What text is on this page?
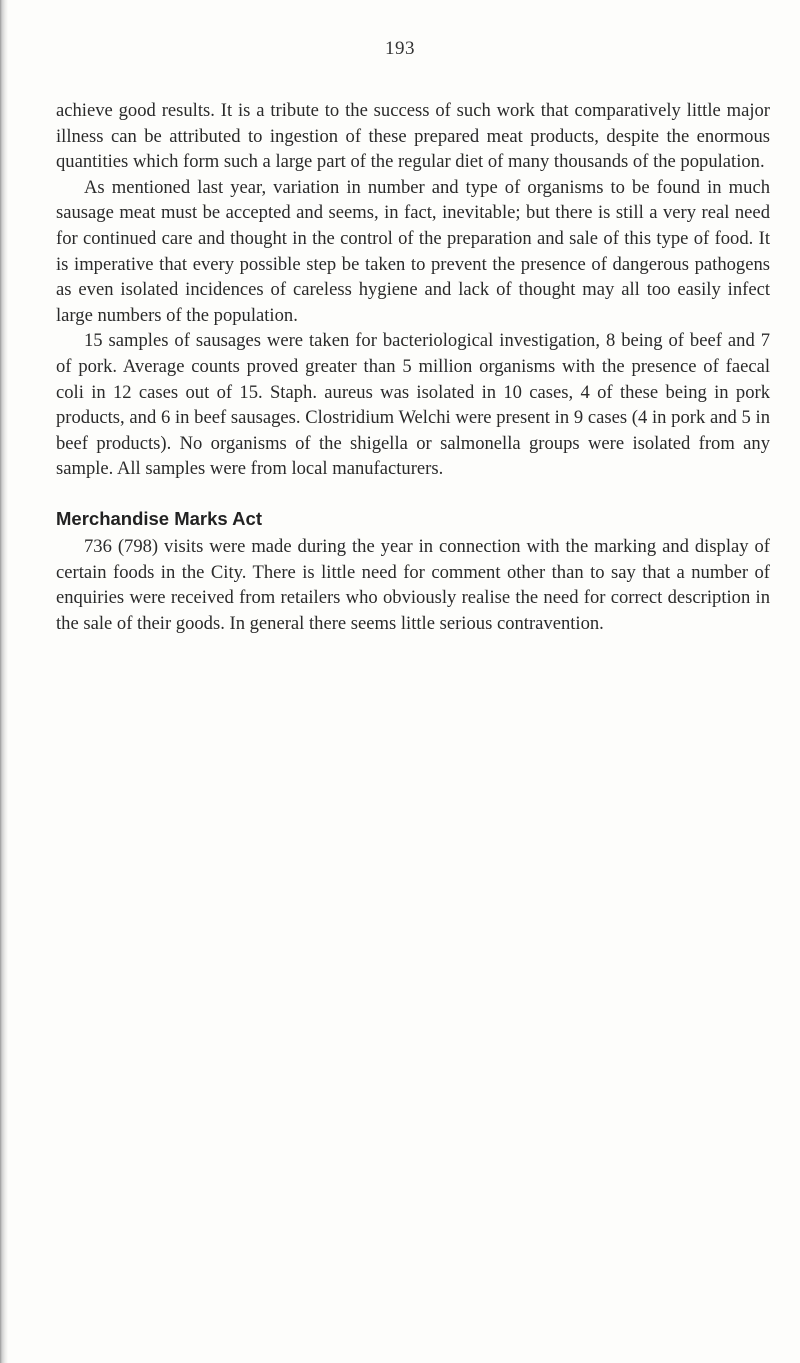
193

achieve good results. It is a tribute to the success of such work that comparatively little major illness can be attributed to ingestion of these prepared meat products, despite the enormous quantities which form such a large part of the regular diet of many thousands of the population.

As mentioned last year, variation in number and type of organisms to be found in much sausage meat must be accepted and seems, in fact, inevitable; but there is still a very real need for continued care and thought in the control of the preparation and sale of this type of food. It is imperative that every possible step be taken to prevent the presence of dangerous pathogens as even isolated incidences of careless hygiene and lack of thought may all too easily infect large numbers of the population.

15 samples of sausages were taken for bacteriological investigation, 8 being of beef and 7 of pork. Average counts proved greater than 5 million organisms with the presence of faecal coli in 12 cases out of 15. Staph. aureus was isolated in 10 cases, 4 of these being in pork products, and 6 in beef sausages. Clostridium Welchi were present in 9 cases (4 in pork and 5 in beef products). No organisms of the shigella or salmonella groups were isolated from any sample. All samples were from local manufacturers.

Merchandise Marks Act

736 (798) visits were made during the year in connection with the marking and display of certain foods in the City. There is little need for comment other than to say that a number of enquiries were received from retailers who obviously realise the need for correct description in the sale of their goods. In general there seems little serious contravention.
